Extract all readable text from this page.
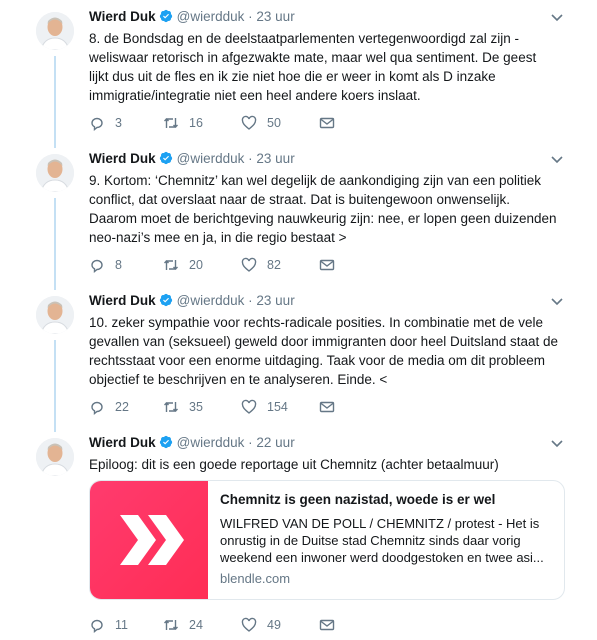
Wierd Duk @wierdduk · 23 uur
8. de Bondsdag en de deelstaatparlementen vertegenwoordigd zal zijn - weliswaar retorisch in afgezwakte mate, maar wel qua sentiment. De geest lijkt dus uit de fles en ik zie niet hoe die er weer in komt als D inzake immigratie/integratie niet een heel andere koers inslaat.
3	16	50
Wierd Duk @wierdduk · 23 uur
9. Kortom: ‘Chemnitz’ kan wel degelijk de aankondiging zijn van een politiek conflict, dat overslaat naar de straat. Dat is buitengewoon onwenselijk. Daarom moet de berichtgeving nauwkeurig zijn: nee, er lopen geen duizenden neo-nazi’s mee en ja, in die regio bestaat >
8	20	82
Wierd Duk @wierdduk · 23 uur
10. zeker sympathie voor rechts-radicale posities. In combinatie met de vele gevallen van (seksueel) geweld door immigranten door heel Duitsland staat de rechtsstaat voor een enorme uitdaging. Taak voor de media om dit probleem objectief te beschrijven en te analyseren. Einde. <
22	35	154
Wierd Duk @wierdduk · 22 uur
Epiloog: dit is een goede reportage uit Chemnitz (achter betaalmuur)
Chemnitz is geen nazistad, woede is er wel
WILFRED VAN DE POLL / CHEMNITZ / protest - Het is onrustig in de Duitse stad Chemnitz sinds daar vorig weekend een inwoner werd doodgestoken en twee asi...
blendle.com
11	24	49
